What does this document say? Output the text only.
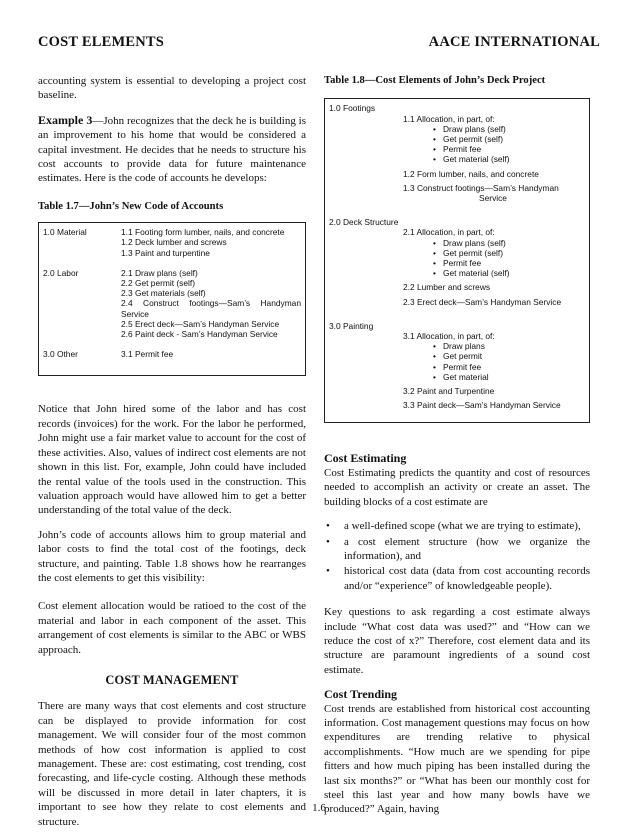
COST ELEMENTS	AACE INTERNATIONAL

accounting system is essential to developing a project cost baseline.

Example 3—John recognizes that the deck he is building is an improvement to his home that would be considered a capital investment. He decides that he needs to structure his cost accounts to provide data for future maintenance estimates. Here is the code of accounts he develops:

Table 1.7—John’s New Code of Accounts
1.0 Material	1.1 Footing form lumber, nails, and concrete
1.2 Deck lumber and screws
1.3 Paint and turpentine
2.0 Labor	2.1 Draw plans (self)
2.2 Get permit (self)
2.3 Get materials (self)
2.4 Construct footings—Sam’s Handyman Service
2.5 Erect deck—Sam’s Handyman Service
2.6 Paint deck - Sam’s Handyman Service
3.0 Other	3.1 Permit fee

Notice that John hired some of the labor and has cost records (invoices) for the work. For the labor he performed, John might use a fair market value to account for the cost of these activities. Also, values of indirect cost elements are not shown in this list. For, example, John could have included the rental value of the tools used in the construction. This valuation approach would have allowed him to get a better understanding of the total value of the deck.

John’s code of accounts allows him to group material and labor costs to find the total cost of the footings, deck structure, and painting. Table 1.8 shows how he rearranges the cost elements to get this visibility:

Cost element allocation would be ratioed to the cost of the material and labor in each component of the asset. This arrangement of cost elements is similar to the ABC or WBS approach.

COST MANAGEMENT

There are many ways that cost elements and cost structure can be displayed to provide information for cost management. We will consider four of the most common methods of how cost information is applied to cost management. These are: cost estimating, cost trending, cost forecasting, and life-cycle costing. Although these methods will be discussed in more detail in later chapters, it is important to see how they relate to cost elements and structure.

Table 1.8—Cost Elements of John’s Deck Project
1.0 Footings
1.1 Allocation, in part, of:
• Draw plans (self)
• Get permit (self)
• Permit fee
• Get material (self)
1.2 Form lumber, nails, and concrete
1.3 Construct footings—Sam’s Handyman
Service
2.0 Deck Structure
2.1 Allocation, in part, of:
• Draw plans (self)
• Get permit (self)
• Permit fee
• Get material (self)
2.2 Lumber and screws
2.3 Erect deck—Sam’s Handyman Service
3.0 Painting
3.1 Allocation, in part, of:
• Draw plans
• Get permit
• Permit fee
• Get material
3.2 Paint and Turpentine
3.3 Paint deck—Sam’s Handyman Service
Cost Estimating

Cost Estimating predicts the quantity and cost of resources needed to accomplish an activity or create an asset. The building blocks of a cost estimate are

• a well-defined scope (what we are trying to estimate),
• a cost element structure (how we organize the information), and
• historical cost data (data from cost accounting records and/or “experience” of knowledgeable people).

Key questions to ask regarding a cost estimate always include “What cost data was used?” and “How can we reduce the cost of x?” Therefore, cost element data and its structure are paramount ingredients of a sound cost estimate.

Cost Trending

Cost trends are established from historical cost accounting information. Cost management questions may focus on how expenditures are trending relative to physical accomplishments. “How much are we spending for pipe fitters and how much piping has been installed during the last six months?” or “What has been our monthly cost for steel this last year and how many bowls have we produced?” Again, having

1.6
